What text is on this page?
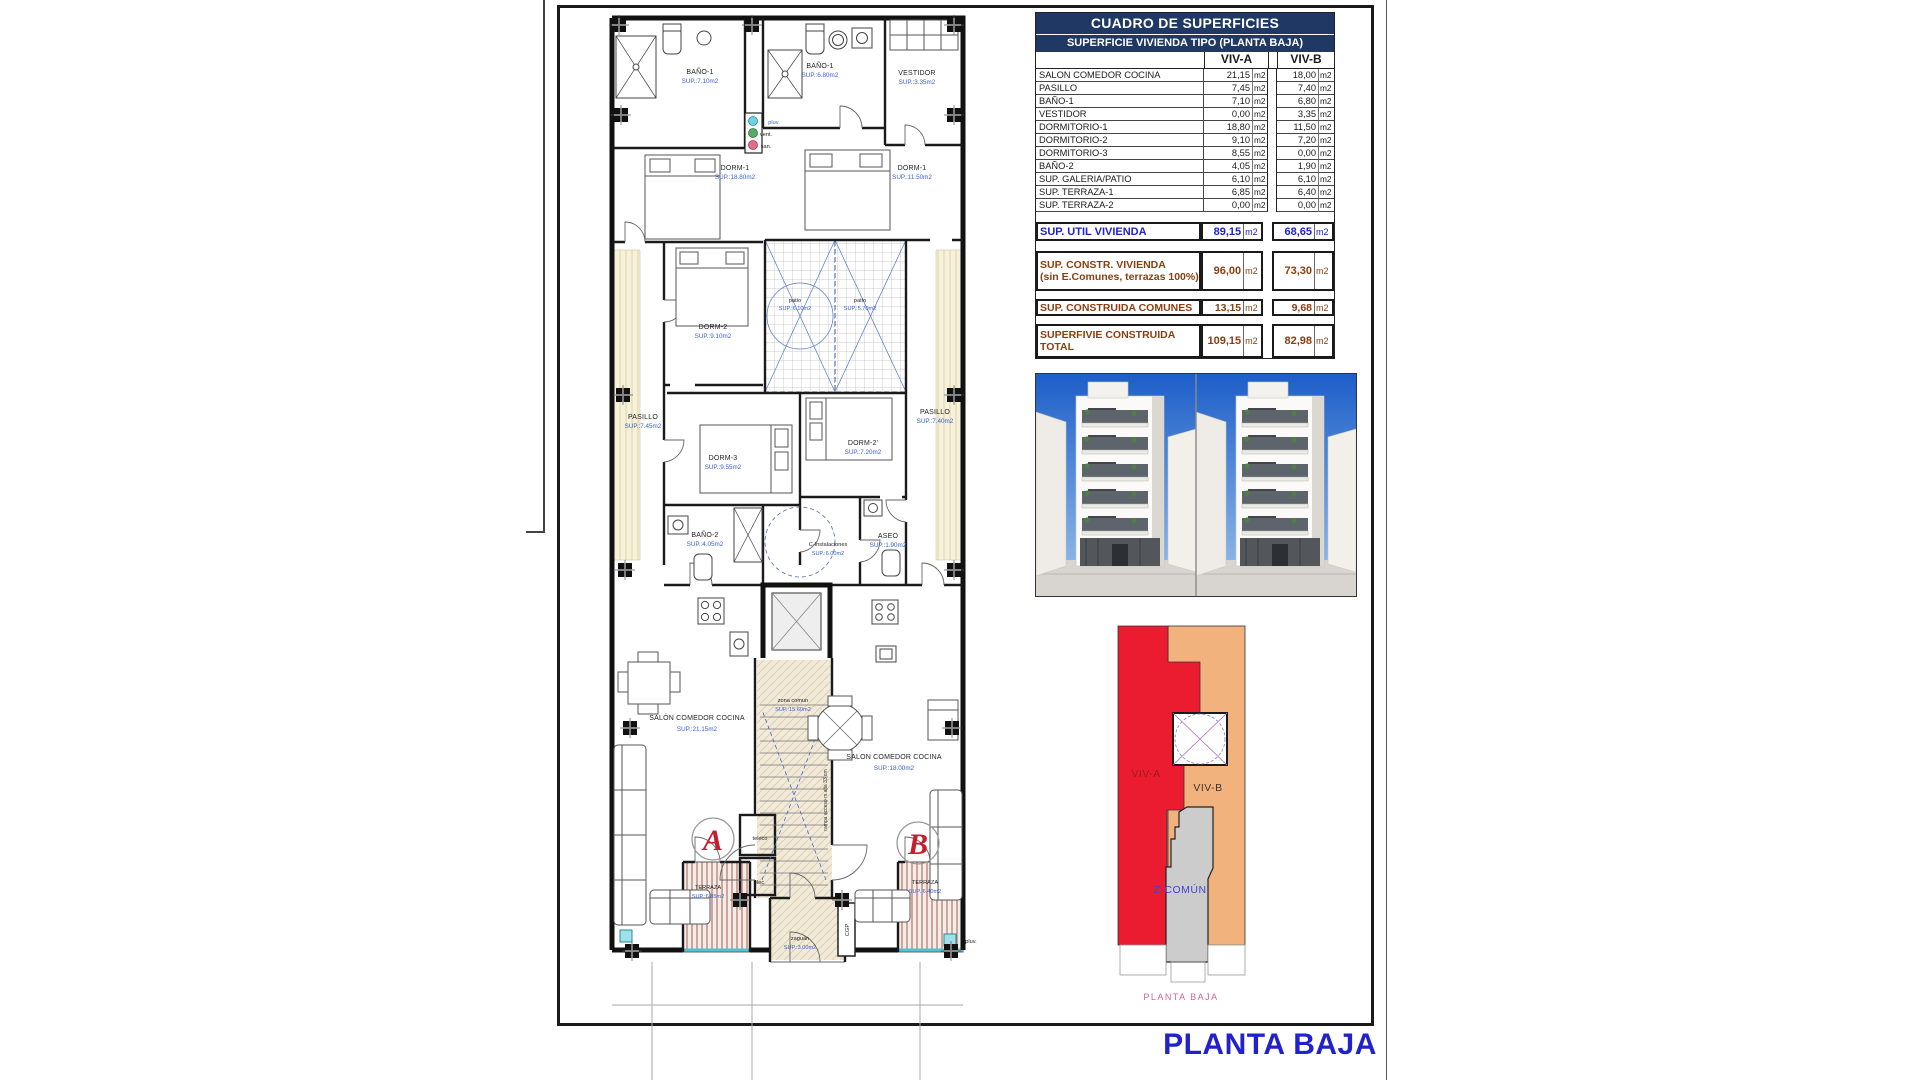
rampa acceso m.alta 33 cm
CGP
A	B
pluv.
vent.
san.
BAÑO-1
SUP.:7.10m2
BAÑO-1
SUP.:6.80m2	VESTIDOR
SUP.:3.35m2
DORM-1
SUP.:18.80m2
DORM-1
SUP.:11.50m2
DORM-2
SUP.:9.10m2
patio
SUP.:6.10m2
patio
SUP.:5.70m2
PASILLO
SUP.:7.45m2
PASILLO
SUP.:7.40m2
DORM-3
SUP.:9.55m2
DORM-2'
SUP.:7.20m2
BAÑO-2
SUP.:4.05m2	C-Instalaciones
SUP.:6.00m2
ASEO
SUP.:1.90m2
SALÓN COMEDOR COCINA
SUP.:21.15m2
zona comun
SUP.:15.60m2
SALON COMEDOR COCINA
SUP.:18.00m2
TERRAZA
SUP.:6.85m2
TERRAZA
SUP.:6.40m2
zaguán
SUP.:3.00m2
teleco
elec
pluv.
CUADRO DE SUPERFICIES
SUPERFICIE VIVIENDA TIPO (PLANTA BAJA)
VIV-A	VIV-B
SALON COMEDOR COCINA	21,15 m2	18,00 m2
PASILLO	7,45 m2	7,40 m2
BAÑO-1	7,10 m2	6,80 m2
VESTIDOR	0,00 m2	3,35 m2
DORMITORIO-1	18,80 m2	11,50 m2
DORMITORIO-2	9,10 m2	7,20 m2
DORMITORIO-3	8,55 m2	0,00 m2
BAÑO-2	4,05 m2	1,90 m2
SUP. GALERIA/PATIO	6,10 m2	6,10 m2
SUP. TERRAZA-1	6,85 m2	6,40 m2
SUP. TERRAZA-2	0,00 m2	0,00 m2
SUP. UTIL VIVIENDA	89,15 m2	68,65 m2
SUP. CONSTR. VIVIENDA
(sin E.Comunes, terrazas 100%)	96,00 m2	73,30 m2
SUP. CONSTRUIDA COMUNES	13,15 m2	9,68 m2
SUPERFIVIE CONSTRUIDA
TOTAL	109,15 m2	82,98 m2
VIV-A
VIV-B
Z-COMÚN
PLANTA BAJA
PLANTA BAJA
